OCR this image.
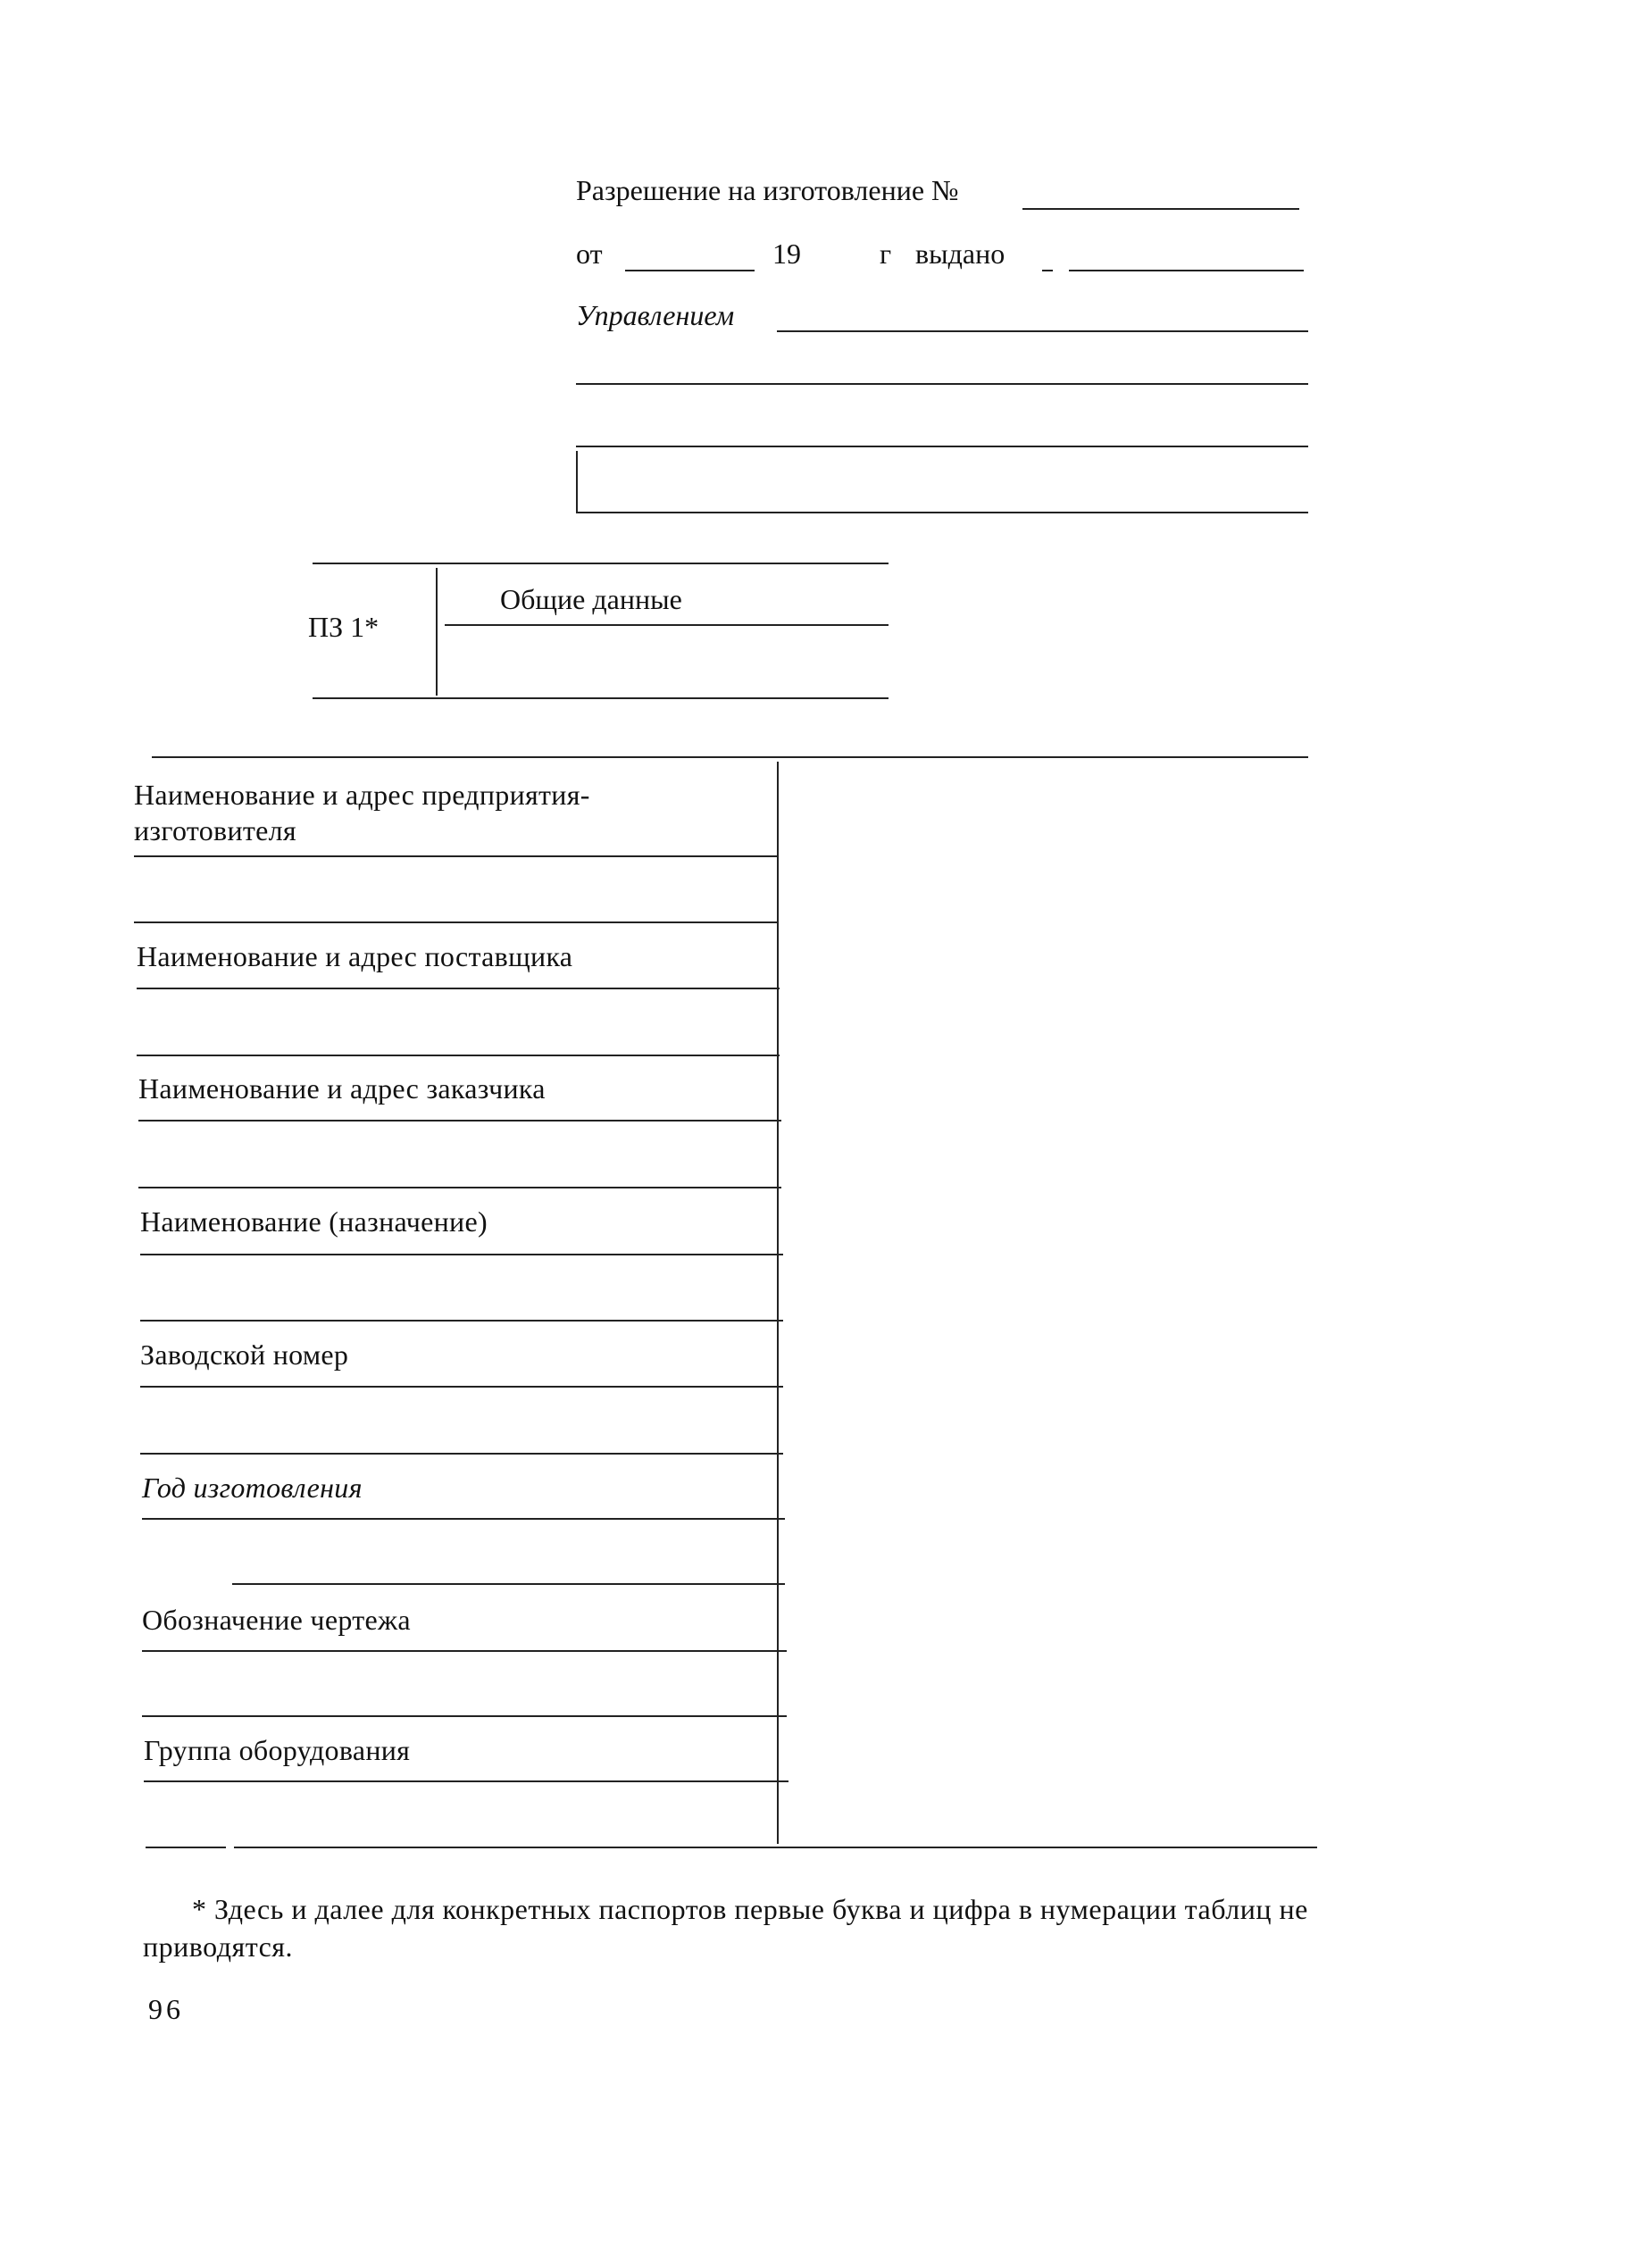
Разрешение на изготовление №
от	19	г выдано
Управлением
ПЗ 1*
Общие данные
Наименование и адрес предприятия-изготовителя
Наименование и адрес поставщика
Наименование и адрес заказчика
Наименование (назначение)
Заводской номер
Год изготовления
Обозначение чертежа
Группа оборудования
* Здесь и далее для конкретных паспортов первые буква и цифра в нумерации таблиц не приводятся.
96
